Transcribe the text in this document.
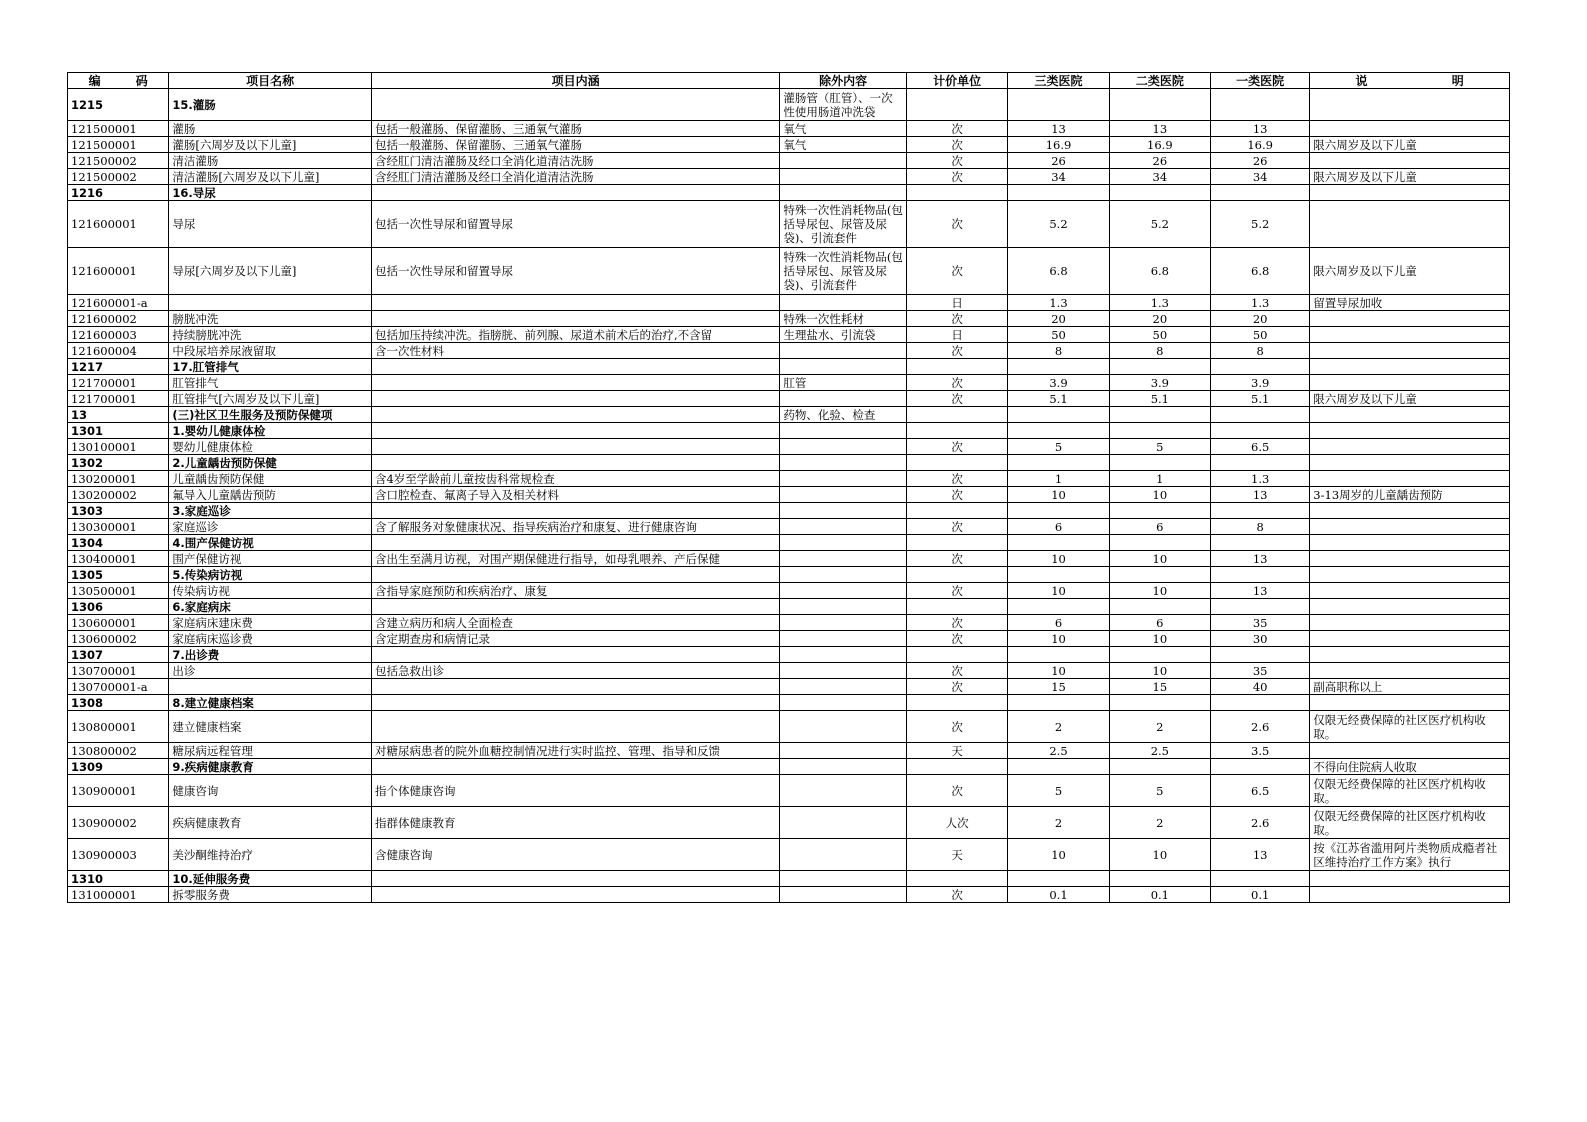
编 码	项目名称	项目内涵	除外内容	计价单位	三类医院	二类医院	一类医院	说 明

1215	15.灌肠		灌肠管（肛管）、一次性使用肠道冲洗袋					
121500001	灌肠	包括一般灌肠、保留灌肠、三通氧气灌肠	氧气	次	13	13	13	
121500001	灌肠[六周岁及以下儿童]	包括一般灌肠、保留灌肠、三通氧气灌肠	氧气	次	16.9	16.9	16.9	限六周岁及以下儿童
121500002	清洁灌肠	含经肛门清洁灌肠及经口全消化道清洁洗肠		次	26	26	26	
121500002	清洁灌肠[六周岁及以下儿童]	含经肛门清洁灌肠及经口全消化道清洁洗肠		次	34	34	34	限六周岁及以下儿童
1216	16.导尿							
121600001	导尿	包括一次性导尿和留置导尿	特殊一次性消耗物品(包括导尿包、尿管及尿袋)、引流套件	次	5.2	5.2	5.2	
121600001	导尿[六周岁及以下儿童]	包括一次性导尿和留置导尿	特殊一次性消耗物品(包括导尿包、尿管及尿袋)、引流套件	次	6.8	6.8	6.8	限六周岁及以下儿童
121600001-a				日	1.3	1.3	1.3	留置导尿加收
121600002	膀胱冲洗		特殊一次性耗材	次	20	20	20	
121600003	持续膀胱冲洗	包括加压持续冲洗。指膀胱、前列腺、尿道术前术后的治疗,不含留	生理盐水、引流袋	日	50	50	50	
121600004	中段尿培养尿液留取	含一次性材料		次	8	8	8	
1217	17.肛管排气							
121700001	肛管排气		肛管	次	3.9	3.9	3.9	
121700001	肛管排气[六周岁及以下儿童]			次	5.1	5.1	5.1	限六周岁及以下儿童
13	(三)社区卫生服务及预防保健项		药物、化验、检查					
1301	1.婴幼儿健康体检							
130100001	婴幼儿健康体检			次	5	5	6.5	
1302	2.儿童龋齿预防保健							
130200001	儿童龋齿预防保健	含4岁至学龄前儿童按齿科常规检查		次	1	1	1.3	
130200002	氟导入儿童龋齿预防	含口腔检查、氟离子导入及相关材料		次	10	10	13	3-13周岁的儿童龋齿预防
1303	3.家庭巡诊							
130300001	家庭巡诊	含了解服务对象健康状况、指导疾病治疗和康复、进行健康咨询		次	6	6	8	
1304	4.围产保健访视							
130400001	围产保健访视	含出生至满月访视，对围产期保健进行指导，如母乳喂养、产后保健		次	10	10	13	
1305	5.传染病访视							
130500001	传染病访视	含指导家庭预防和疾病治疗、康复		次	10	10	13	
1306	6.家庭病床							
130600001	家庭病床建床费	含建立病历和病人全面检查		次	6	6	35	
130600002	家庭病床巡诊费	含定期查房和病情记录		次	10	10	30	
1307	7.出诊费							
130700001	出诊	包括急救出诊		次	10	10	35	
130700001-a				次	15	15	40	副高职称以上
1308	8.建立健康档案							
130800001	建立健康档案			次	2	2	2.6	仅限无经费保障的社区医疗机构收取。
130800002	糖尿病远程管理	对糖尿病患者的院外血糖控制情况进行实时监控、管理、指导和反馈		天	2.5	2.5	3.5	
1309	9.疾病健康教育							不得向住院病人收取
130900001	健康咨询	指个体健康咨询		次	5	5	6.5	仅限无经费保障的社区医疗机构收取。
130900002	疾病健康教育	指群体健康教育		人次	2	2	2.6	仅限无经费保障的社区医疗机构收取。
130900003	美沙酮维持治疗	含健康咨询		天	10	10	13	按《江苏省滥用阿片类物质成瘾者社区维持治疗工作方案》执行
1310	10.延伸服务费							
131000001	拆零服务费			次	0.1	0.1	0.1	
